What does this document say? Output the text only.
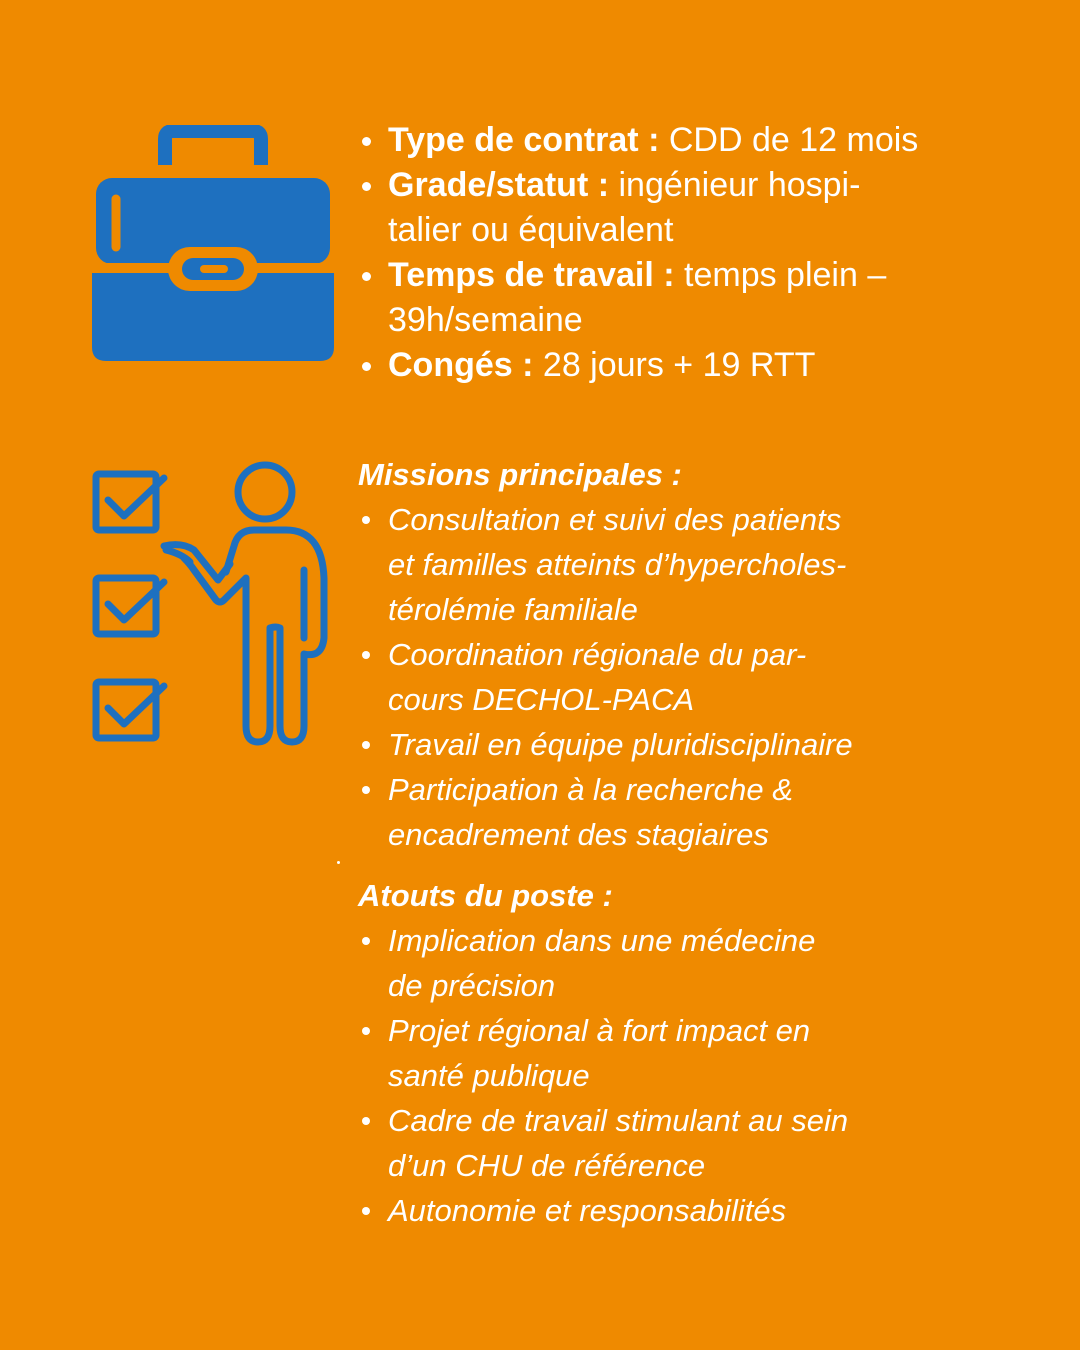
Type de contrat : CDD de 12 mois
Grade/statut : ingénieur hospi-
talier ou équivalent
Temps de travail : temps plein –
39h/semaine
Congés : 28 jours + 19 RTT

Missions principales :

Consultation et suivi des patients
et familles atteints d’hypercholes-
térolémie familiale
Coordination régionale du par-
cours DECHOL-PACA
Travail en équipe pluridisciplinaire
Participation à la recherche &
encadrement des stagiaires

Atouts du poste :

Implication dans une médecine
de précision
Projet régional à fort impact en
santé publique
Cadre de travail stimulant au sein
d’un CHU de référence
Autonomie et responsabilités
